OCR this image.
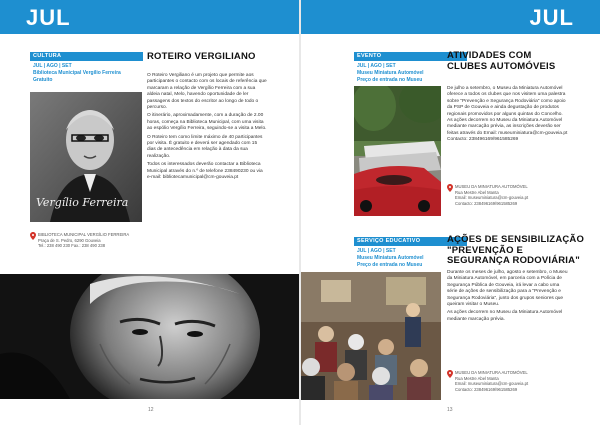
JUL	JUL
CULTURA
JUL | AGO | SET
Biblioteca Municipal Vergílio Ferreira
Gratuito
ROTEIRO VERGILIANO
Vergílio Ferreira

O Roteiro Vergiliano é um projeto que permite aos participantes o contacto com os locais de referência que marcaram a relação de Vergílio Ferreira com a sua aldeia natal, Melo, havendo oportunidade de ler passagens dos textos do escritor ao longo de todo o percurso.

O itinerário, aproximadamente, com a duração de 2.00 horas, começa na Biblioteca Municipal, com uma visita ao espólio Vergílio Ferreira, seguindo-se a visita a Melo.

O Roteiro tem como limite máximo de 40 participantes por visita. É gratuito e deverá ser agendado com 15 dias de antecedência em relação à data da sua realização.

Todos os interessados deverão contactar a Biblioteca Municipal através do n.º de telefone 238490230 ou via e-mail: bibliotecamunicipal@cm-gouveia.pt

BIBLIOTECA MUNICIPAL VERGÍLIO FERREIRA
Praça de S. Pedro, 6290 Gouveia
Tel.: 238 490 230 Fax.: 238 490 238
12
EVENTO
JUL | AGO | SET
Museu Miniatura Automóvel
Preço de entrada no Museu
ATIVIDADES COM
CLUBES AUTOMÓVEIS

De julho a setembro, o Museu da Miniatura Automóvel oferece a todos os clubes que nos visitem uma palestra sobre "Prevenção e Segurança Rodoviária" como apoio da PSP de Gouveia e ainda degustação de produtos regionais promovidos por alguns quintas do Concelho. As ações decorrem no Museu da Miniatura Automóvel mediante marcação prévia, as inscrições deverão ser feitas através do Email: museuminiatura@cm-gouveia.pt Contacto: 238496169/961585269

MUSEU DA MINIATURA AUTOMÓVEL
Rua Mestre Abel Manta
Email: museuminiatura@cm-gouveia.pt
Contacto: 238496169/961585269
SERVIÇO EDUCATIVO
JUL | AGO | SET
Museu Miniatura Automóvel
Preço de entrada no Museu
AÇÕES DE SENSIBILIZAÇÃO
"PREVENÇÃO E
SEGURANÇA RODOVIÁRIA"

Durante os meses de julho, agosto e setembro, o Museu da Miniatura Automóvel, em parceria com a Polícia de Segurança Pública de Gouveia, irá levar a cabo uma série de ações de sensibilização para a "Prevenção e Segurança Rodoviária", junto dos grupos seniores que queiram visitar o Museu.

As ações decorrem no Museu da Miniatura Automóvel mediante marcação prévia.

MUSEU DA MINIATURA AUTOMÓVEL
Rua Mestre Abel Manta
Email: museuminiatura@cm-gouveia.pt
Contacto: 238496169/961585269
13
